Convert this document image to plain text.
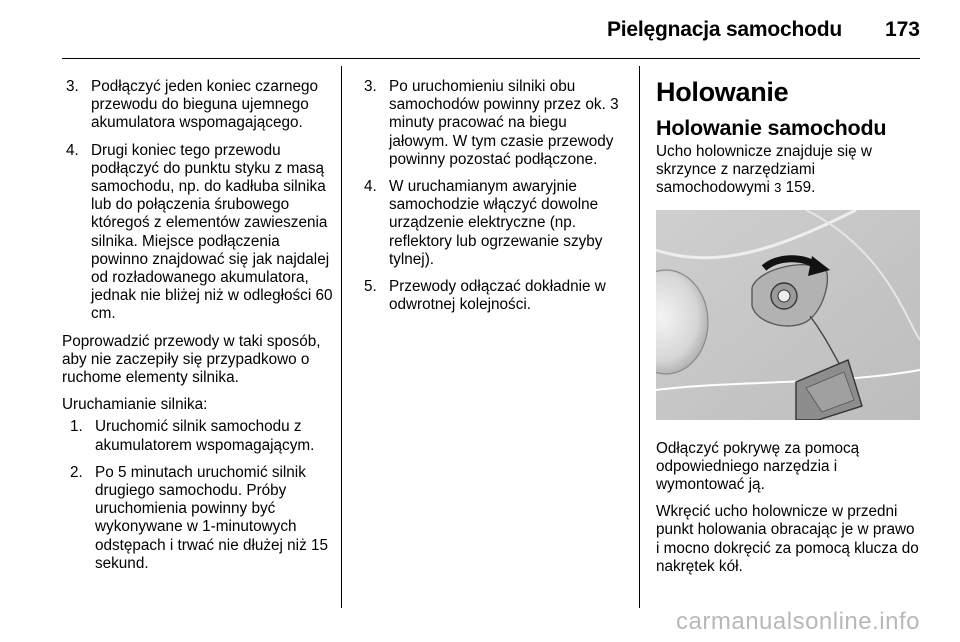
Pielęgnacja samochodu 173
3. Podłączyć jeden koniec czarnego przewodu do bieguna ujemnego akumulatora wspomagającego.
4. Drugi koniec tego przewodu podłączyć do punktu styku z masą samochodu, np. do kadłuba silnika lub do połączenia śrubowego któregoś z elementów zawieszenia silnika. Miejsce podłączenia powinno znajdować się jak najdalej od rozładowanego akumulatora, jednak nie bliżej niż w odległości 60 cm.

Poprowadzić przewody w taki sposób, aby nie zaczepiły się przypadkowo o ruchome elementy silnika.

Uruchamianie silnika:

1. Uruchomić silnik samochodu z akumulatorem wspomagającym.
2. Po 5 minutach uruchomić silnik drugiego samochodu. Próby uruchomienia powinny być wykonywane w 1-minutowych odstępach i trwać nie dłużej niż 15 sekund.
3. Po uruchomieniu silniki obu samochodów powinny przez ok. 3 minuty pracować na biegu jałowym. W tym czasie przewody powinny pozostać podłączone.
4. W uruchamianym awaryjnie samochodzie włączyć dowolne urządzenie elektryczne (np. reflektory lub ogrzewanie szyby tylnej).
5. Przewody odłączać dokładnie w odwrotnej kolejności.
Holowanie
Holowanie samochodu

Ucho holownicze znajduje się w skrzynce z narzędziami samochodowymi 3 159.

Odłączyć pokrywę za pomocą odpowiedniego narzędzia i wymontować ją.

Wkręcić ucho holownicze w przedni punkt holowania obracając je w prawo i mocno dokręcić za pomocą klucza do nakrętek kół.

carmanualsonline.info
